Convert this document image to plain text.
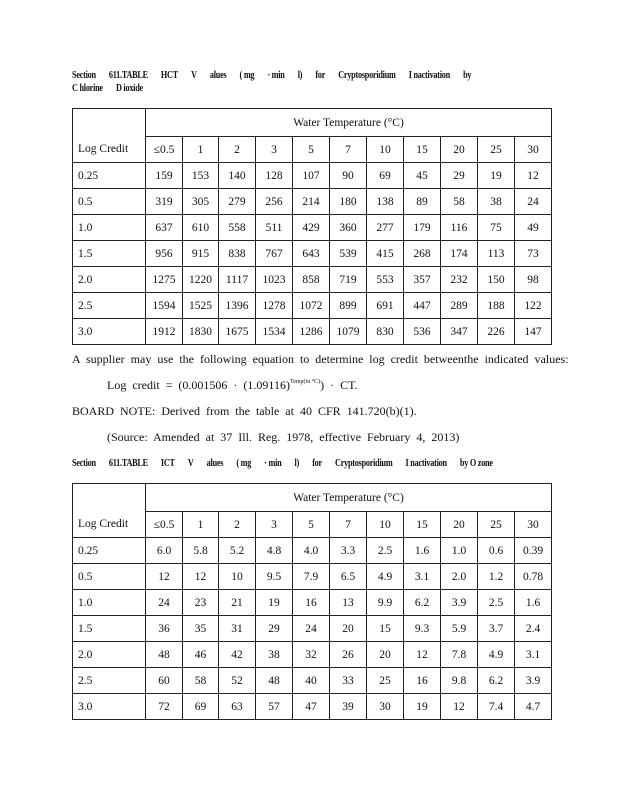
Section 611.TABLE HCT V alues ( mg · min l) for Cryptosporidium I nactivation by
C hlorine D ioxide
	Water Temperature (°C)										
Log Credit	≤0.5	1	2	3	5	7	10	15	20	25	30
0.25	159	153	140	128	107	90	69	45	29	19	12
0.5	319	305	279	256	214	180	138	89	58	38	24
1.0	637	610	558	511	429	360	277	179	116	75	49
1.5	956	915	838	767	643	539	415	268	174	113	73
2.0	1275	1220	1117	1023	858	719	553	357	232	150	98
2.5	1594	1525	1396	1278	1072	899	691	447	289	188	122
3.0	1912	1830	1675	1534	1286	1079	830	536	347	226	147
A supplier may use the following equation to determine log credit betweenthe indicated values:
Log credit = $(0.001506 \cdot (1.09116)^{Temp(in ^\circ C)})$ · CT.
BOARD NOTE: Derived from the table at 40 CFR 141.720(b)(1).
(Source: Amended at 37 Ill. Reg. 1978, effective February 4, 2013)
Section 611.TABLE ICT V alues ( mg · min l) for Cryptosporidium I nactivation by O zone
	Water Temperature (°C)										
Log Credit	≤0.5	1	2	3	5	7	10	15	20	25	30
0.25	6.0	5.8	5.2	4.8	4.0	3.3	2.5	1.6	1.0	0.6	0.39
0.5	12	12	10	9.5	7.9	6.5	4.9	3.1	2.0	1.2	0.78
1.0	24	23	21	19	16	13	9.9	6.2	3.9	2.5	1.6
1.5	36	35	31	29	24	20	15	9.3	5.9	3.7	2.4
2.0	48	46	42	38	32	26	20	12	7.8	4.9	3.1
2.5	60	58	52	48	40	33	25	16	9.8	6.2	3.9
3.0	72	69	63	57	47	39	30	19	12	7.4	4.7
